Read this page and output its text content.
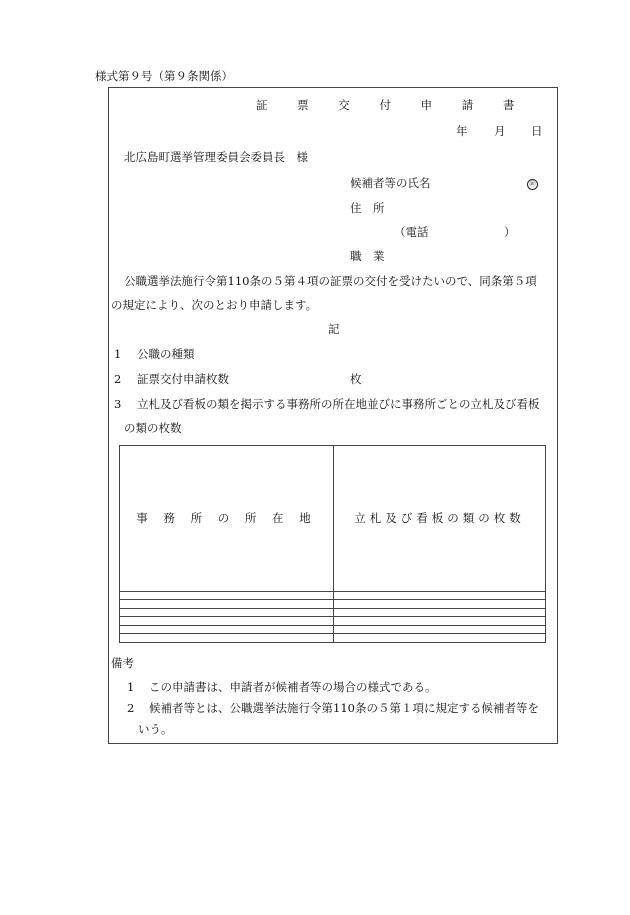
様式第９号（第９条関係）
証 票 交 付 申 請 書
年 月 日
北広島町選挙管理委員会委員長　様
候補者等の氏名	㊞
住　所
（電話	）
職　業
公職選挙法施行令第110条の５第４項の証票の交付を受けたいので、同条第５項
の規定により、次のとおり申請します。
記
1 公職の種類
2 証票交付申請枚数	枚
3 立札及び看板の類を掲示する事務所の所在地並びに事務所ごとの立札及び看板
の類の枚数
事 務 所 の 所 在 地	立札及び看板の類の枚数

備考
1 この申請書は、申請者が候補者等の場合の様式である。
2 候補者等とは、公職選挙法施行令第110条の５第１項に規定する候補者等を
いう。
